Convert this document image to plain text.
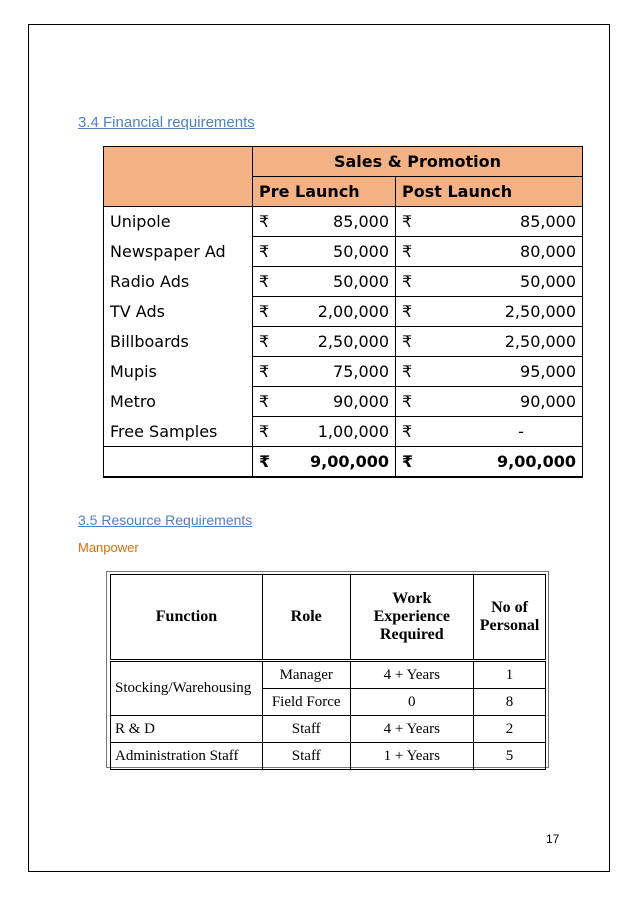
3.4 Financial requirements
	Sales & Promotion			
	Pre Launch		Post Launch	
Unipole	₹	85,000	₹	85,000
Newspaper Ad	₹	50,000	₹	80,000
Radio Ads	₹	50,000	₹	50,000
TV Ads	₹	2,00,000	₹	2,50,000
Billboards	₹	2,50,000	₹	2,50,000
Mupis	₹	75,000	₹	95,000
Metro	₹	90,000	₹	90,000
Free Samples	₹	1,00,000	₹	-
	₹	9,00,000	₹	9,00,000
3.5 Resource Requirements
Manpower
Function	Role	Work Experience Required	No of Personal
Stocking/Warehousing	Manager	4 + Years	1
	Field Force	0	8
R & D	Staff	4 + Years	2
Administration Staff	Staff	1 + Years	5
17
